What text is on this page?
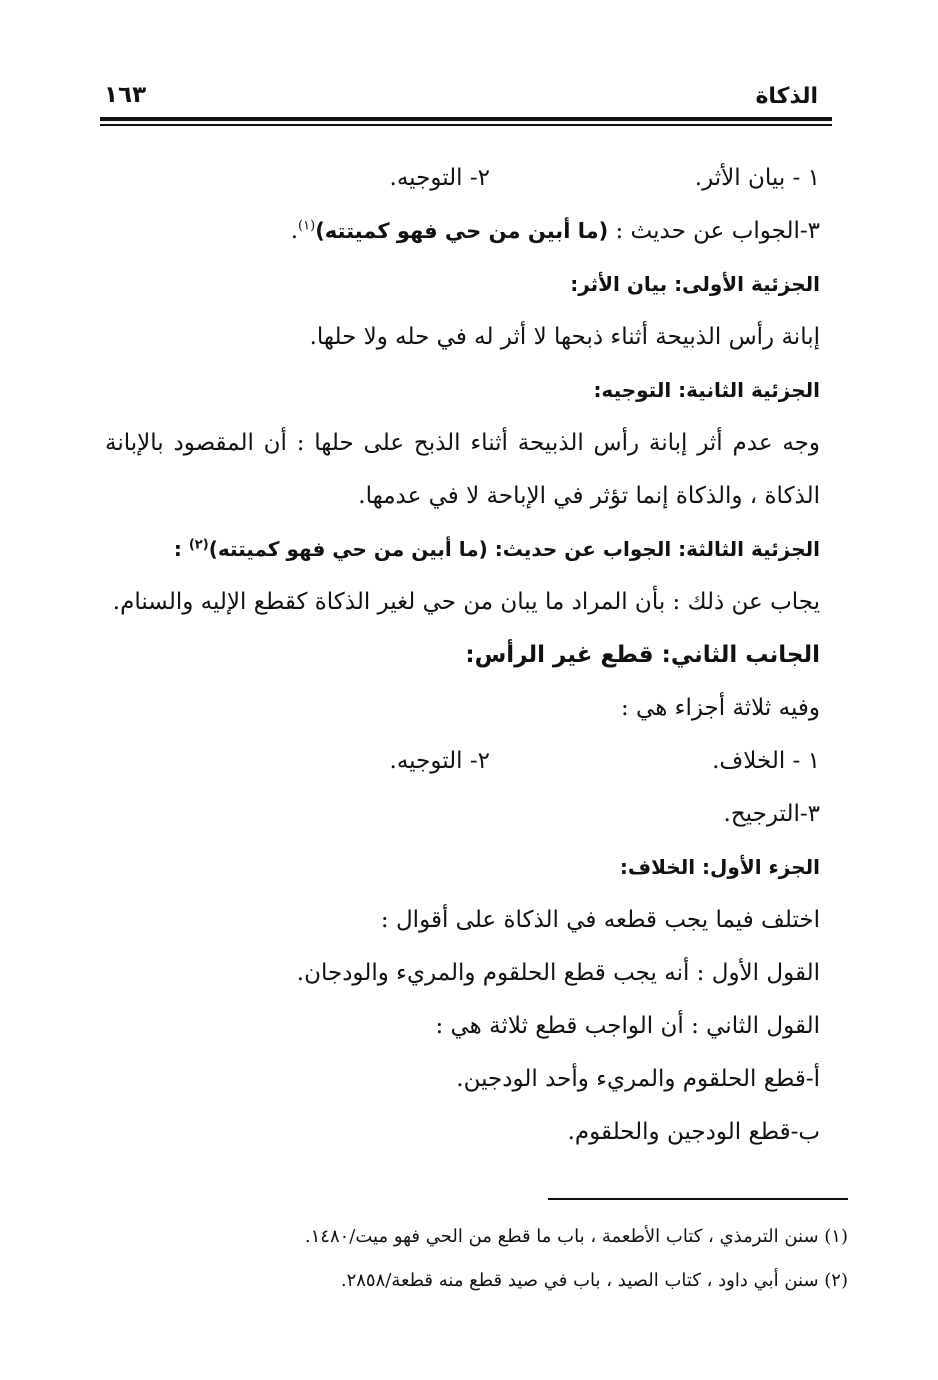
الذكاة
١٦٣
١ - بيان الأثر.
٢- التوجيه.
٣-الجواب عن حديث : (ما أبين من حي فهو كميتته)$^{(١)}$.
الجزئية الأولى: بيان الأثر:
إبانة رأس الذبيحة أثناء ذبحها لا أثر له في حله ولا حلها.
الجزئية الثانية: التوجيه:
وجه عدم أثر إبانة رأس الذبيحة أثناء الذبح على حلها : أن المقصود بالإبانة
الذكاة ، والذكاة إنما تؤثر في الإباحة لا في عدمها.
الجزئية الثالثة: الجواب عن حديث: (ما أبين من حي فهو كميتته)$^{(٢)}$ :
يجاب عن ذلك : بأن المراد ما يبان من حي لغير الذكاة كقطع الإليه والسنام.
الجانب الثاني: قطع غير الرأس:
وفيه ثلاثة أجزاء هي :
١ - الخلاف.
٢- التوجيه.
٣-الترجيح.
الجزء الأول: الخلاف:
اختلف فيما يجب قطعه في الذكاة على أقوال :
القول الأول : أنه يجب قطع الحلقوم والمريء والودجان.
القول الثاني : أن الواجب قطع ثلاثة هي :
أ-قطع الحلقوم والمريء وأحد الودجين.
ب-قطع الودجين والحلقوم.
(١) سنن الترمذي ، كتاب الأطعمة ، باب ما قطع من الحي فهو ميت/١٤٨٠.
(٢) سنن أبي داود ، كتاب الصيد ، باب في صيد قطع منه قطعة/٢٨٥٨.
